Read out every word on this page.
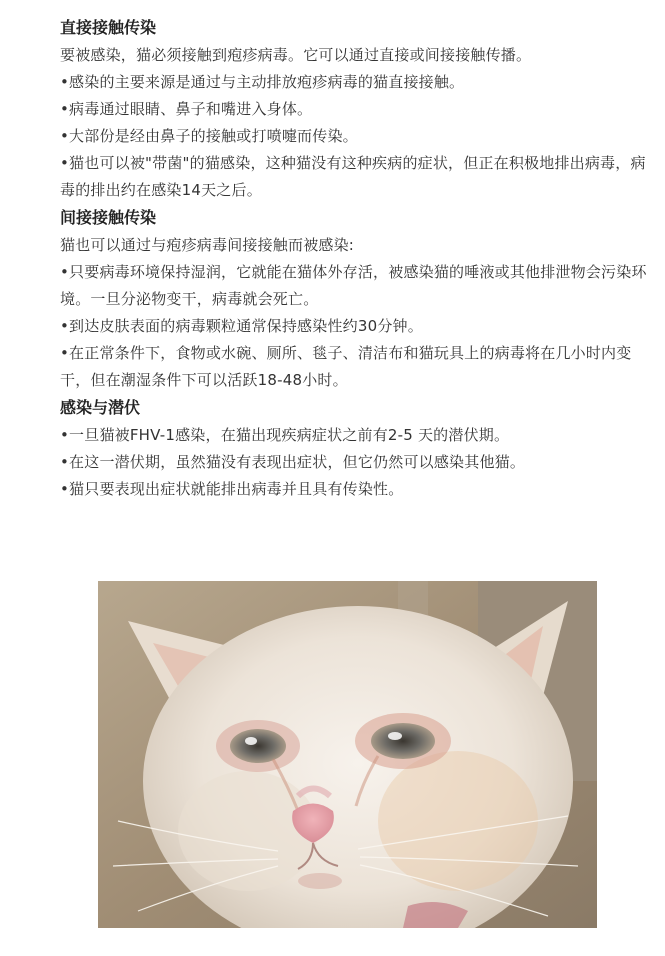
直接接触传染

要被感染，猫必须接触到疱疹病毒。它可以通过直接或间接接触传播。

•感染的主要来源是通过与主动排放疱疹病毒的猫直接接触。

•病毒通过眼睛、鼻子和嘴进入身体。

•大部份是经由鼻子的接触或打喷嚏而传染。

•猫也可以被"带菌"的猫感染，这种猫没有这种疾病的症状，但正在积极地排出病毒，病毒的排出约在感染14天之后。

间接接触传染

猫也可以通过与疱疹病毒间接接触而被感染:

•只要病毒环境保持湿润，它就能在猫体外存活，被感染猫的唾液或其他排泄物会污染环境。一旦分泌物变干，病毒就会死亡。

•到达皮肤表面的病毒颗粒通常保持感染性约30分钟。

•在正常条件下，食物或水碗、厕所、毯子、清洁布和猫玩具上的病毒将在几小时内变干，但在潮湿条件下可以活跃18-48小时。

感染与潜伏

•一旦猫被FHV-1感染，在猫出现疾病症状之前有2-5 天的潜伏期。

•在这一潜伏期，虽然猫没有表现出症状，但它仍然可以感染其他猫。

•猫只要表现出症状就能排出病毒并且具有传染性。
